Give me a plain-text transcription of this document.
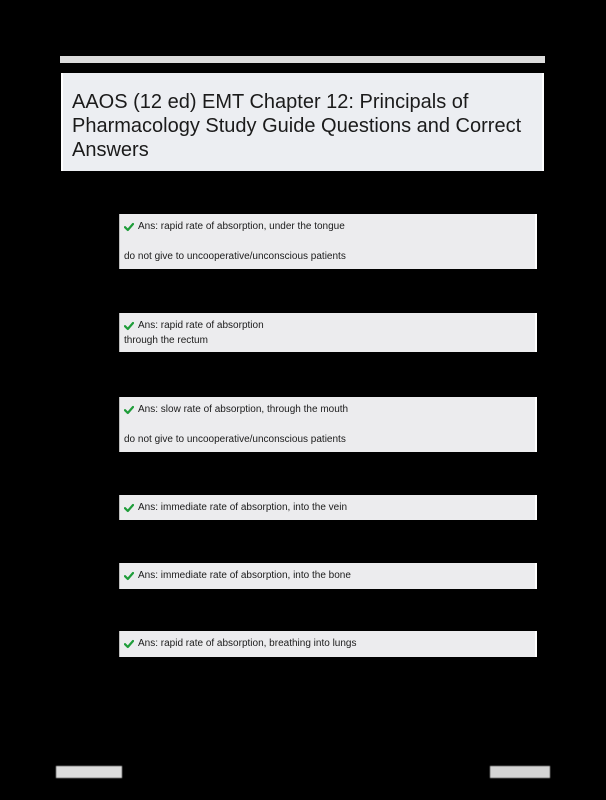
AAOS (12 ed) EMT Chapter 12: Principals of Pharmacology Study Guide Questions and Correct Answers
Ans: rapid rate of absorption, under the tongue
do not give to uncooperative/unconscious patients
Ans: rapid rate of absorption
through the rectum
Ans: slow rate of absorption, through the mouth
do not give to uncooperative/unconscious patients
Ans: immediate rate of absorption, into the vein
Ans: immediate rate of absorption, into the bone
Ans: rapid rate of absorption, breathing into lungs
